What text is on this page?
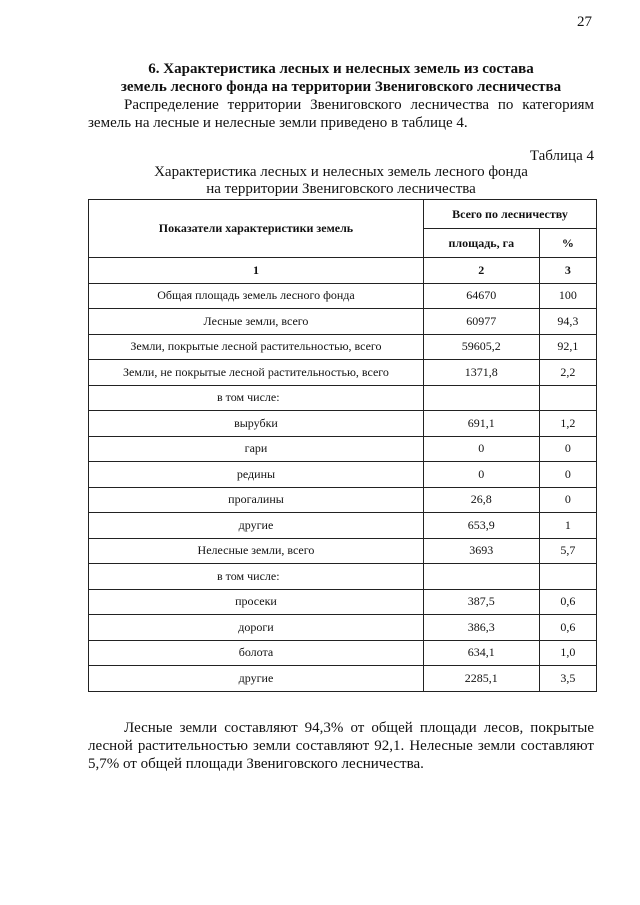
27
6. Характеристика лесных и нелесных земель из состава
земель лесного фонда на территории Звениговского лесничества
Распределение территории Звениговского лесничества по категориям
земель на лесные и нелесные земли приведено в таблице 4.
Таблица 4
Характеристика лесных и нелесных земель лесного фонда
на территории Звениговского лесничества
Показатели характеристики земель	Всего по лесничеству	
	площадь, га	%
1	2	3
Общая площадь земель лесного фонда	64670	100
Лесные земли, всего	60977	94,3
Земли, покрытые лесной растительностью, всего	59605,2	92,1
Земли, не покрытые лесной растительностью, всего	1371,8	2,2
в том числе:		
вырубки	691,1	1,2
гари	0	0
редины	0	0
прогалины	26,8	0
другие	653,9	1
Нелесные земли, всего	3693	5,7
в том числе:		
просеки	387,5	0,6
дороги	386,3	0,6
болота	634,1	1,0
другие	2285,1	3,5
Лесные земли составляют 94,3% от общей площади лесов, покрытые лесной растительностью земли составляют 92,1. Нелесные земли составляют 5,7% от общей площади Звениговского лесничества.
